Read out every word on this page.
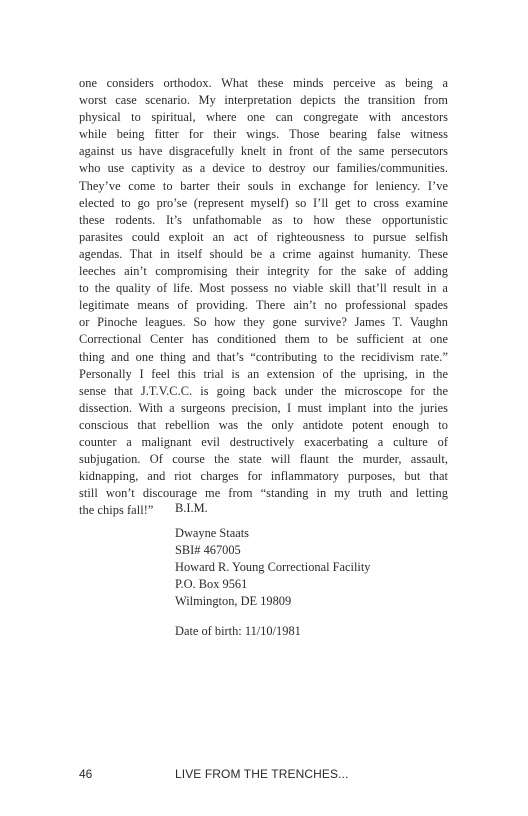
one considers orthodox. What these minds perceive as being a
worst case scenario. My interpretation depicts the transition from
physical to spiritual, where one can congregate with ancestors
while being fitter for their wings. Those bearing false witness
against us have disgracefully knelt in front of the same persecutors
who use captivity as a device to destroy our families/communities.
They’ve come to barter their souls in exchange for leniency. I’ve
elected to go pro’se (represent myself) so I’ll get to cross examine
these rodents. It’s unfathomable as to how these opportunistic
parasites could exploit an act of righteousness to pursue selfish
agendas. That in itself should be a crime against humanity. These
leeches ain’t compromising their integrity for the sake of adding
to the quality of life. Most possess no viable skill that’ll result in a
legitimate means of providing. There ain’t no professional spades
or Pinoche leagues. So how they gone survive? James T. Vaughn
Correctional Center has conditioned them to be sufficient at one
thing and one thing and that’s “contributing to the recidivism rate.”
Personally I feel this trial is an extension of the uprising, in the
sense that J.T.V.C.C. is going back under the microscope for the
dissection. With a surgeons precision, I must implant into the juries
conscious that rebellion was the only antidote potent enough to
counter a malignant evil destructively exacerbating a culture of
subjugation. Of course the state will flaunt the murder, assault,
kidnapping, and riot charges for inflammatory purposes, but that
still won’t discourage me from “standing in my truth and letting
the chips fall!”	B.I.M.
Dwayne Staats
SBI# 467005
Howard R. Young Correctional Facility
P.O. Box 9561
Wilmington, DE 19809
Date of birth: 11/10/1981
46	LIVE FROM THE TRENCHES...
